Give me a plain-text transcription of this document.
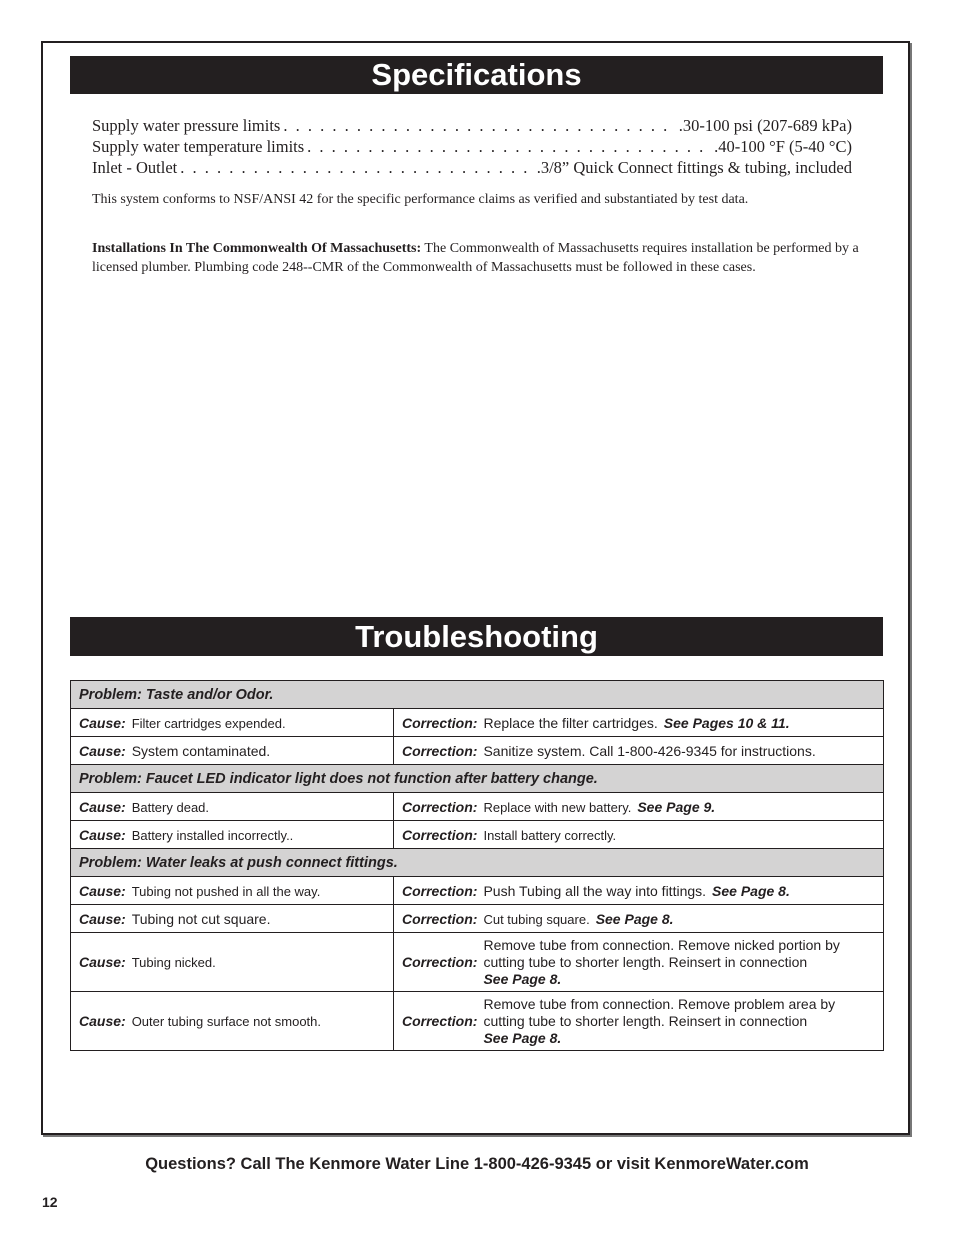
Specifications
Supply water pressure limits . . .	.30-100 psi (207-689 kPa)
Supply water temperature limits . . .	.40-100 °F (5-40 °C)
Inlet - Outlet . . .	.3/8” Quick Connect fittings & tubing, included
This system conforms to NSF/ANSI 42 for the specific performance claims as verified and substantiated by test data.
Installations In The Commonwealth Of Massachusetts: The Commonwealth of Massachusetts requires installation be performed by a licensed plumber. Plumbing code 248--CMR of the Commonwealth of Massachusetts must be followed in these cases.
Troubleshooting
Problem: Taste and/or Odor.	
Cause: Filter cartridges expended.	Correction: Replace the filter cartridges. See Pages 10 & 11.
Cause: System contaminated.	Correction: Sanitize system. Call 1-800-426-9345 for instructions.
Problem: Faucet LED indicator light does not function after battery change.	
Cause: Battery dead.	Correction: Replace with new battery. See Page 9.
Cause: Battery installed incorrectly..	Correction: Install battery correctly.
Problem: Water leaks at push connect fittings.	
Cause: Tubing not pushed in all the way.	Correction: Push Tubing all the way into fittings. See Page 8.
Cause: Tubing not cut square.	Correction: Cut tubing square. See Page 8.
Cause: Tubing nicked.	Correction:
Remove tube from connection. Remove nicked portion by cutting tube to shorter length. Reinsert in connection
See Page 8.

Cause: Outer tubing surface not smooth.	Correction:
Remove tube from connection. Remove problem area by cutting tube to shorter length. Reinsert in connection
See Page 8.
Questions? Call The Kenmore Water Line 1-800-426-9345 or visit KenmoreWater.com
12
